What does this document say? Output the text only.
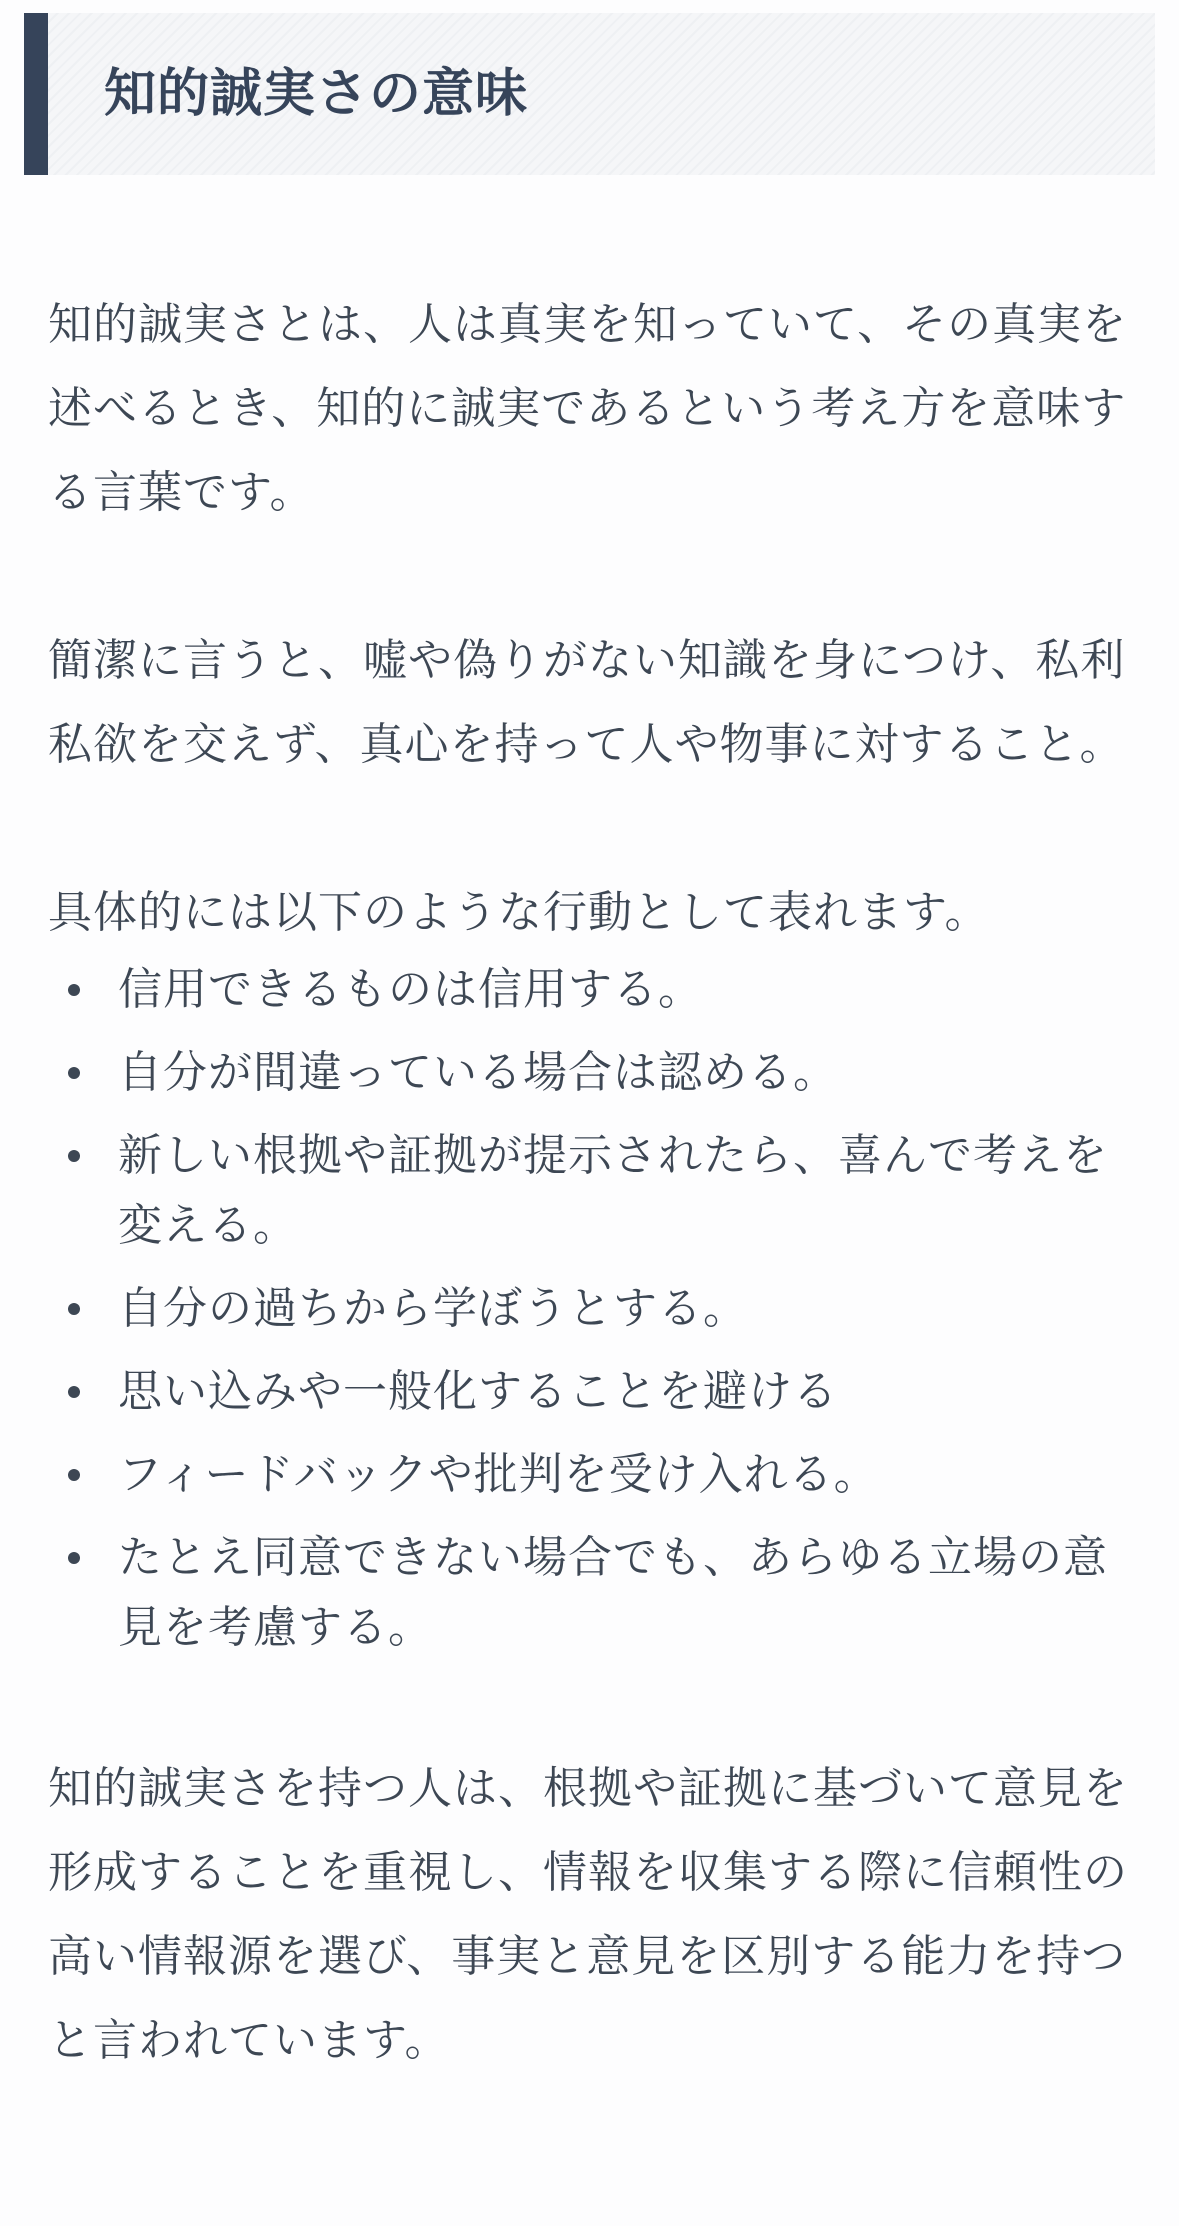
知的誠実さの意味

知的誠実さとは、人は真実を知っていて、その真実を述べるとき、知的に誠実であるという考え方を意味する言葉です。

簡潔に言うと、嘘や偽りがない知識を身につけ、私利私欲を交えず、真心を持って人や物事に対すること。

具体的には以下のような行動として表れます。

信用できるものは信用する。
自分が間違っている場合は認める。
新しい根拠や証拠が提示されたら、喜んで考えを変える。
自分の過ちから学ぼうとする。
思い込みや一般化することを避ける
フィードバックや批判を受け入れる。
たとえ同意できない場合でも、あらゆる立場の意見を考慮する。

知的誠実さを持つ人は、根拠や証拠に基づいて意見を形成することを重視し、情報を収集する際に信頼性の高い情報源を選び、事実と意見を区別する能力を持つと言われています。
